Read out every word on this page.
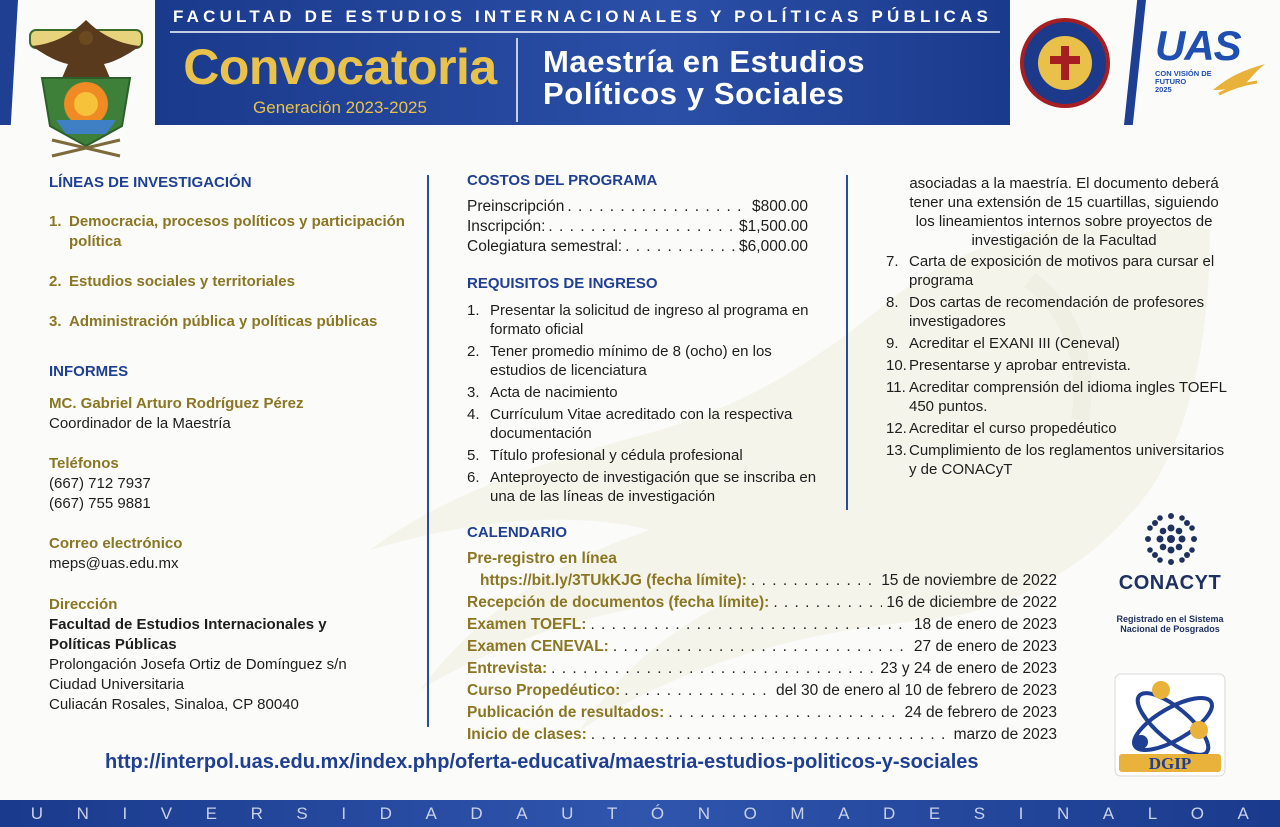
FACULTAD DE ESTUDIOS INTERNACIONALES Y POLÍTICAS PÚBLICAS
Convocatoria
Generación 2023-2025
Maestría en Estudios
Políticos y Sociales
UAS
CON VISIÓN DE
FUTURO
2025
LÍNEAS DE INVESTIGACIÓN
1. Democracia, procesos políticos y participación política
2. Estudios sociales y territoriales
3. Administración pública y políticas públicas
INFORMES
MC. Gabriel Arturo Rodríguez Pérez
Coordinador de la Maestría
Teléfonos
(667) 712 7937
(667) 755 9881
Correo electrónico
meps@uas.edu.mx
Dirección
Facultad de Estudios Internacionales y Políticas Públicas
Prolongación Josefa Ortiz de Domínguez s/n
Ciudad Universitaria
Culiacán Rosales, Sinaloa, CP 80040
COSTOS DEL PROGRAMA
Preinscripción . . .	$800.00
Inscripción: . . .	$1,500.00
Colegiatura semestral: . . .	$6,000.00
REQUISITOS DE INGRESO
1. Presentar la solicitud de ingreso al programa en formato oficial
2. Tener promedio mínimo de 8 (ocho) en los estudios de licenciatura
3. Acta de nacimiento
4. Currículum Vitae acreditado con la respectiva documentación
5. Título profesional y cédula profesional
6. Anteproyecto de investigación que se inscriba en una de las líneas de investigación
CALENDARIO
Pre-registro en línea
https://bit.ly/3TUkKJG (fecha límite): . . .	15 de noviembre de 2022
Recepción de documentos (fecha límite): . . .	16 de diciembre de 2022
Examen TOEFL: . . .	18 de enero de 2023
Examen CENEVAL: . . .	27 de enero de 2023
Entrevista: . . .	23 y 24 de enero de 2023
Curso Propedéutico: . . .	del 30 de enero al 10 de febrero de 2023
Publicación de resultados: . . .	24 de febrero de 2023
Inicio de clases: . . .	marzo de 2023
asociadas a la maestría. El documento deberá tener una extensión de 15 cuartillas, siguiendo los lineamientos internos sobre proyectos de investigación de la Facultad
7. Carta de exposición de motivos para cursar el programa
8. Dos cartas de recomendación de profesores investigadores
9. Acreditar el EXANI III (Ceneval)
10. Presentarse y aprobar entrevista.
11. Acreditar comprensión del idioma ingles TOEFL 450 puntos.
12. Acreditar el curso propedéutico
13. Cumplimiento de los reglamentos universitarios y de CONACyT
CONACYT
Registrado en el Sistema Nacional de Posgrados
DGIP
http://interpol.uas.edu.mx/index.php/oferta-educativa/maestria-estudios-politicos-y-sociales
U N I V E R S I D A D A U T Ó N O M A D E S I N A L O A
